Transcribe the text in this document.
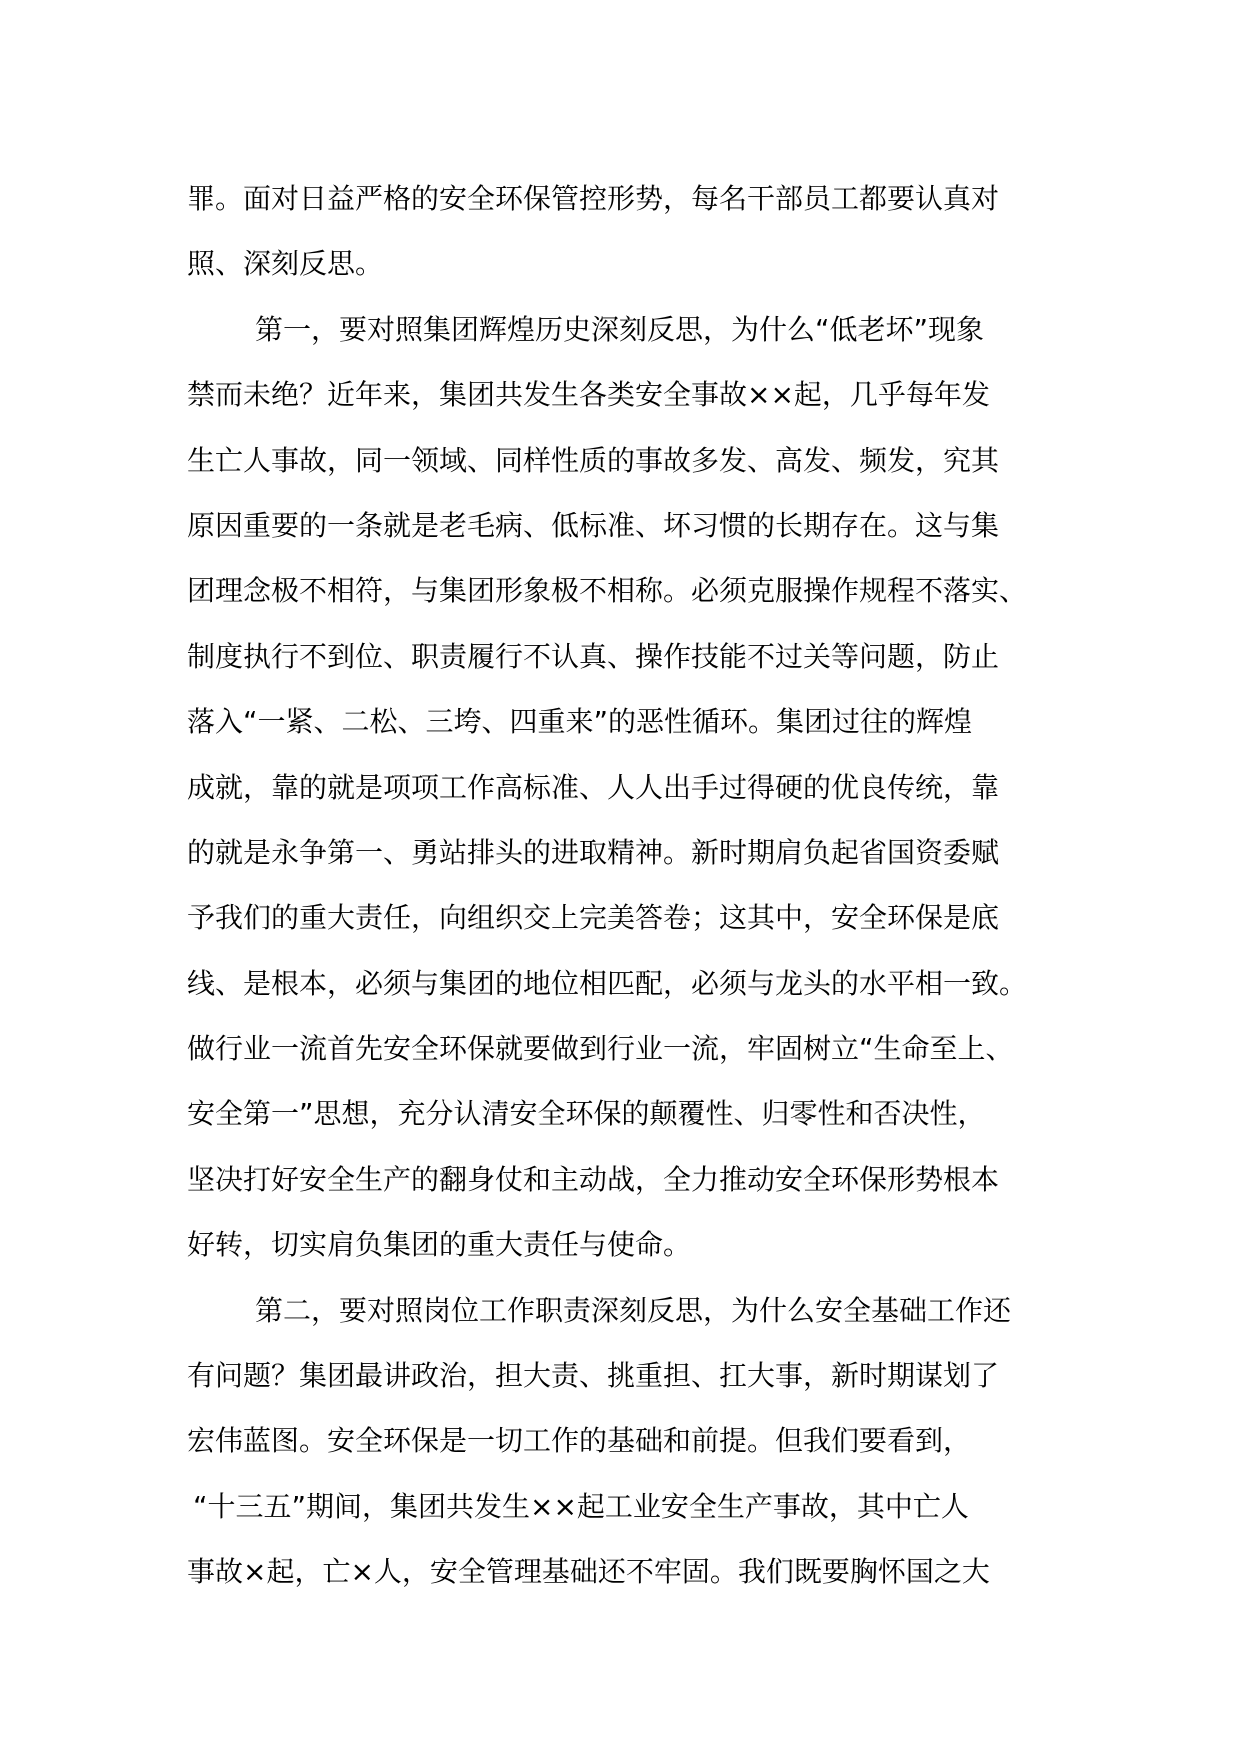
罪。面对日益严格的安全环保管控形势，每名干部员工都要认真对
照、深刻反思。
第一，要对照集团辉煌历史深刻反思，为什么“低老坏”现象
禁而未绝？近年来，集团共发生各类安全事故××起，几乎每年发
生亡人事故，同一领域、同样性质的事故多发、高发、频发，究其
原因重要的一条就是老毛病、低标准、坏习惯的长期存在。这与集
团理念极不相符，与集团形象极不相称。必须克服操作规程不落实、
制度执行不到位、职责履行不认真、操作技能不过关等问题，防止
落入“一紧、二松、三垮、四重来”的恶性循环。集团过往的辉煌
成就，靠的就是项项工作高标准、人人出手过得硬的优良传统，靠
的就是永争第一、勇站排头的进取精神。新时期肩负起省国资委赋
予我们的重大责任，向组织交上完美答卷；这其中，安全环保是底
线、是根本，必须与集团的地位相匹配，必须与龙头的水平相一致。
做行业一流首先安全环保就要做到行业一流，牢固树立“生命至上、
安全第一”思想，充分认清安全环保的颠覆性、归零性和否决性，
坚决打好安全生产的翻身仗和主动战，全力推动安全环保形势根本
好转，切实肩负集团的重大责任与使命。
第二，要对照岗位工作职责深刻反思，为什么安全基础工作还
有问题？集团最讲政治，担大责、挑重担、扛大事，新时期谋划了
宏伟蓝图。安全环保是一切工作的基础和前提。但我们要看到，
“十三五”期间，集团共发生××起工业安全生产事故，其中亡人
事故×起，亡×人，安全管理基础还不牢固。我们既要胸怀国之大
